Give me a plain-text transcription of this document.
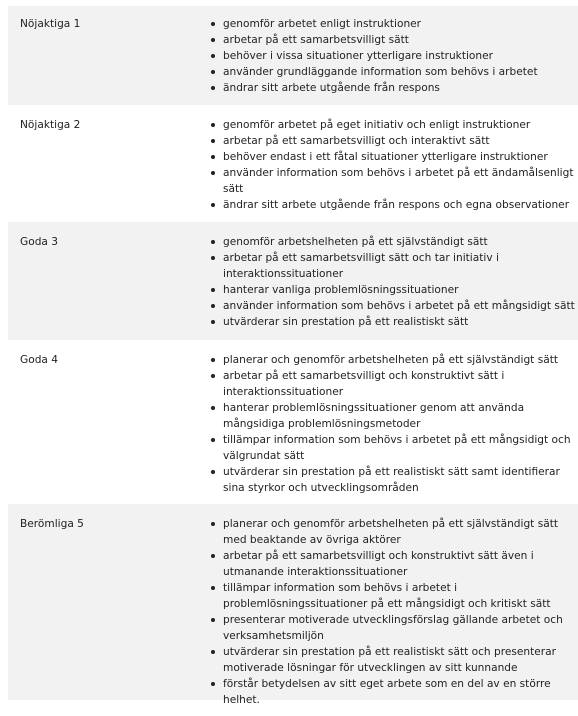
Nöjaktiga 1	genomför arbetet enligt instruktioner
arbetar på ett samarbetsvilligt sätt
behöver i vissa situationer ytterligare instruktioner
använder grundläggande information som behövs i arbetet
ändrar sitt arbete utgående från respons
Nöjaktiga 2	genomför arbetet på eget initiativ och enligt instruktioner
arbetar på ett samarbetsvilligt och interaktivt sätt
behöver endast i ett fåtal situationer ytterligare instruktioner
använder information som behövs i arbetet på ett ändamålsenligt sätt
ändrar sitt arbete utgående från respons och egna observationer
Goda 3	genomför arbetshelheten på ett självständigt sätt
arbetar på ett samarbetsvilligt sätt och tar initiativ i interaktionssituationer
hanterar vanliga problemlösningssituationer
använder information som behövs i arbetet på ett mångsidigt sätt
utvärderar sin prestation på ett realistiskt sätt
Goda 4	planerar och genomför arbetshelheten på ett självständigt sätt
arbetar på ett samarbetsvilligt och konstruktivt sätt i interaktionssituationer
hanterar problemlösningssituationer genom att använda mångsidiga problemlösningsmetoder
tillämpar information som behövs i arbetet på ett mångsidigt och välgrundat sätt
utvärderar sin prestation på ett realistiskt sätt samt identifierar sina styrkor och utvecklingsområden
Berömliga 5	planerar och genomför arbetshelheten på ett självständigt sätt med beaktande av övriga aktörer
arbetar på ett samarbetsvilligt och konstruktivt sätt även i utmanande interaktionssituationer
tillämpar information som behövs i arbetet i problemlösningssituationer på ett mångsidigt och kritiskt sätt
presenterar motiverade utvecklingsförslag gällande arbetet och verksamhetsmiljön
utvärderar sin prestation på ett realistiskt sätt och presenterar motiverade lösningar för utvecklingen av sitt kunnande
förstår betydelsen av sitt eget arbete som en del av en större helhet.
